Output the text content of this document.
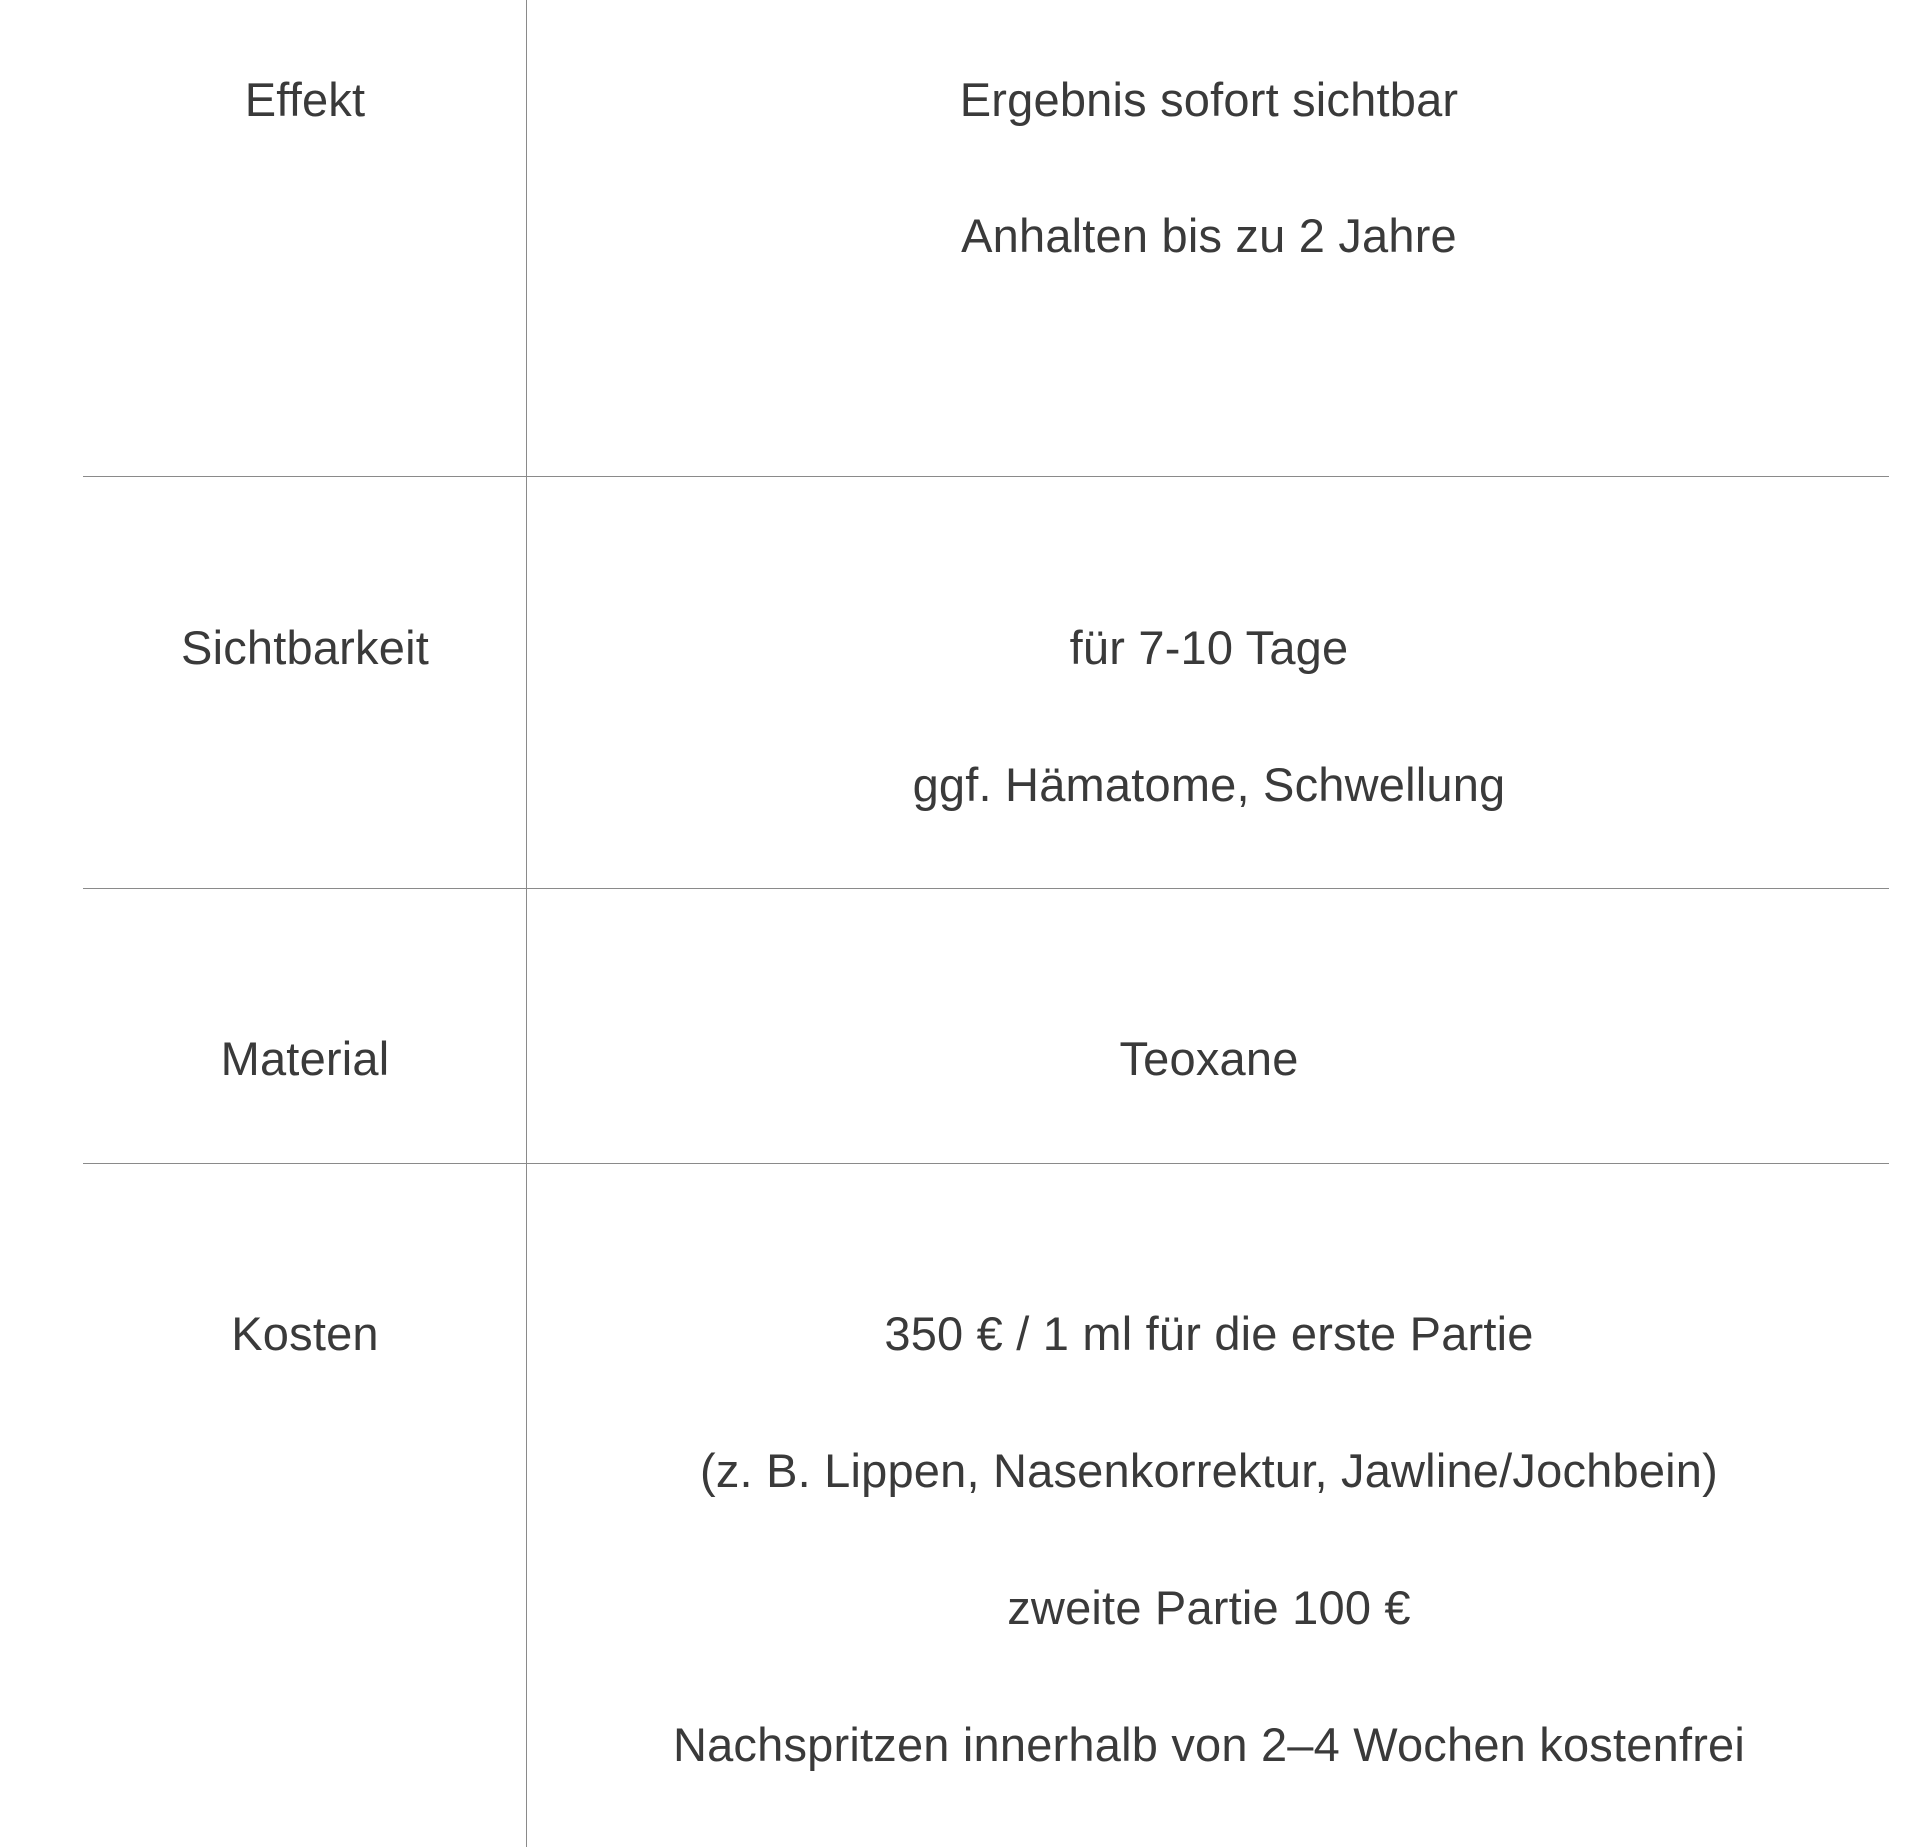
Effekt	Ergebnis sofort sichtbar
Anhalten bis zu 2 Jahre
Sichtbarkeit	für 7-10 Tage
ggf. Hämatome, Schwellung
Material	Teoxane
Kosten	350 € / 1 ml für die erste Partie
(z. B. Lippen, Nasenkorrektur, Jawline/Jochbein)
zweite Partie 100 €
Nachspritzen innerhalb von 2–4 Wochen kostenfrei
